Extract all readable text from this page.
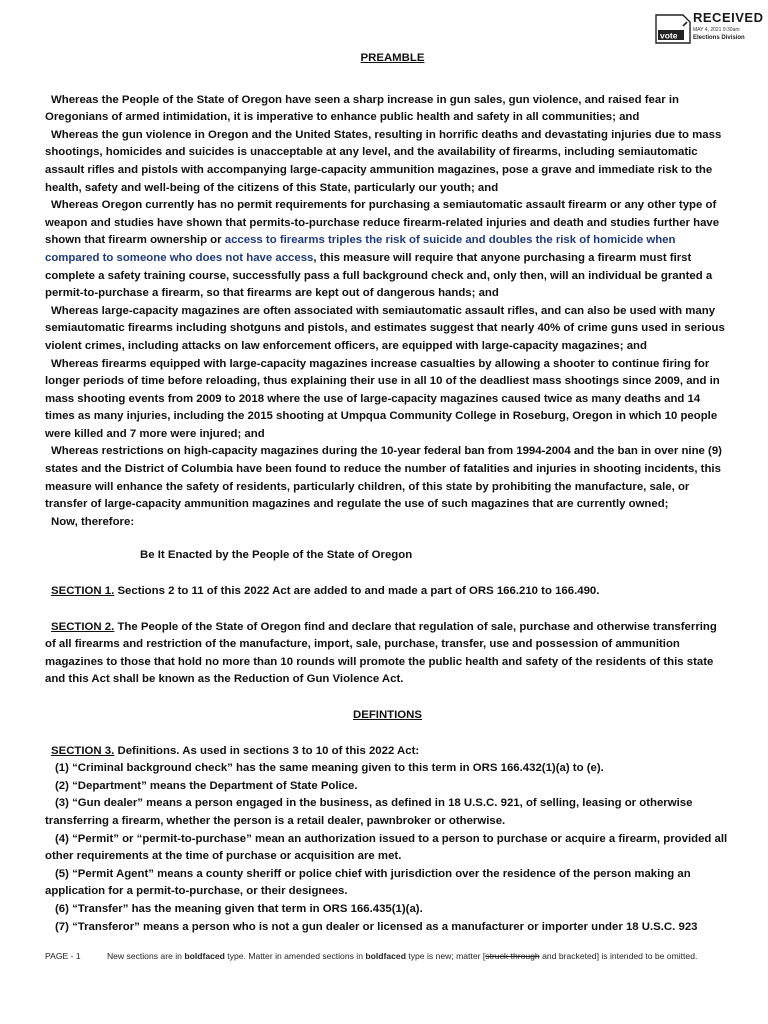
vote
RECEIVED
MAY 4, 2021 9:30am
Elections Division

PREAMBLE

Whereas the People of the State of Oregon have seen a sharp increase in gun sales, gun violence, and raised fear in Oregonians of armed intimidation, it is imperative to enhance public health and safety in all communities; and

Whereas the gun violence in Oregon and the United States, resulting in horrific deaths and devastating injuries due to mass shootings, homicides and suicides is unacceptable at any level, and the availability of firearms, including semiautomatic assault rifles and pistols with accompanying large-capacity ammunition magazines, pose a grave and immediate risk to the health, safety and well-being of the citizens of this State, particularly our youth; and

Whereas Oregon currently has no permit requirements for purchasing a semiautomatic assault firearm or any other type of weapon and studies have shown that permits-to-purchase reduce firearm-related injuries and death and studies further have shown that firearm ownership or access to firearms triples the risk of suicide and doubles the risk of homicide when compared to someone who does not have access, this measure will require that anyone purchasing a firearm must first complete a safety training course, successfully pass a full background check and, only then, will an individual be granted a permit-to-purchase a firearm, so that firearms are kept out of dangerous hands; and

Whereas large-capacity magazines are often associated with semiautomatic assault rifles, and can also be used with many semiautomatic firearms including shotguns and pistols, and estimates suggest that nearly 40% of crime guns used in serious violent crimes, including attacks on law enforcement officers, are equipped with large-capacity magazines; and

Whereas firearms equipped with large-capacity magazines increase casualties by allowing a shooter to continue firing for longer periods of time before reloading, thus explaining their use in all 10 of the deadliest mass shootings since 2009, and in mass shooting events from 2009 to 2018 where the use of large-capacity magazines caused twice as many deaths and 14 times as many injuries, including the 2015 shooting at Umpqua Community College in Roseburg, Oregon in which 10 people were killed and 7 more were injured; and

Whereas restrictions on high-capacity magazines during the 10-year federal ban from 1994-2004 and the ban in over nine (9) states and the District of Columbia have been found to reduce the number of fatalities and injuries in shooting incidents, this measure will enhance the safety of residents, particularly children, of this state by prohibiting the manufacture, sale, or transfer of large-capacity ammunition magazines and regulate the use of such magazines that are currently owned;

Now, therefore:

Be It Enacted by the People of the State of Oregon

SECTION 1. Sections 2 to 11 of this 2022 Act are added to and made a part of ORS 166.210 to 166.490.

SECTION 2. The People of the State of Oregon find and declare that regulation of sale, purchase and otherwise transferring of all firearms and restriction of the manufacture, import, sale, purchase, transfer, use and possession of ammunition magazines to those that hold no more than 10 rounds will promote the public health and safety of the residents of this state and this Act shall be known as the Reduction of Gun Violence Act.

DEFINTIONS

SECTION 3. Definitions. As used in sections 3 to 10 of this 2022 Act:

(1) “Criminal background check” has the same meaning given to this term in ORS 166.432(1)(a) to (e).

(2) “Department” means the Department of State Police.

(3) “Gun dealer” means a person engaged in the business, as defined in 18 U.S.C. 921, of selling, leasing or otherwise transferring a firearm, whether the person is a retail dealer, pawnbroker or otherwise.

(4) “Permit” or “permit-to-purchase” mean an authorization issued to a person to purchase or acquire a firearm, provided all other requirements at the time of purchase or acquisition are met.

(5) “Permit Agent” means a county sheriff or police chief with jurisdiction over the residence of the person making an application for a permit-to-purchase, or their designees.

(6) “Transfer” has the meaning given that term in ORS 166.435(1)(a).

(7) “Transferor” means a person who is not a gun dealer or licensed as a manufacturer or importer under 18 U.S.C. 923

PAGE - 1	New sections are in boldfaced type. Matter in amended sections in boldfaced type is new; matter [struck through and bracketed] is intended to be omitted.
